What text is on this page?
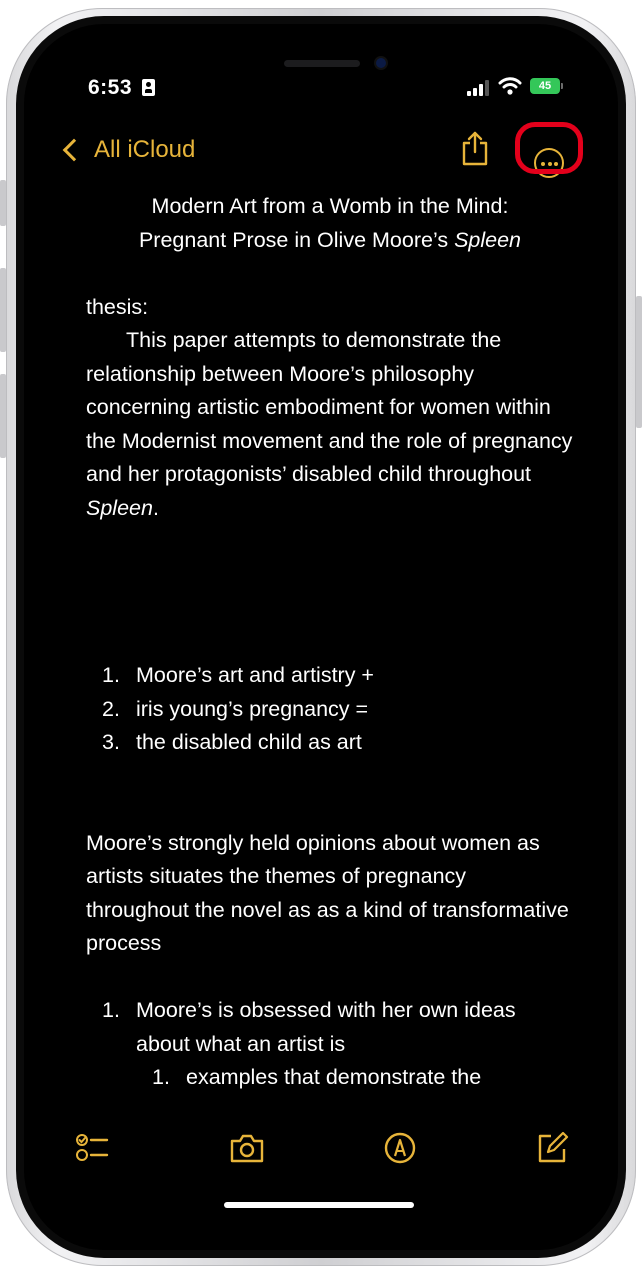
6:53	45
All iCloud

Modern Art from a Womb in the Mind:
Pregnant Prose in Olive Moore’s Spleen

thesis:

This paper attempts to demonstrate the relationship between Moore’s philosophy concerning artistic embodiment for women within the Modernist movement and the role of pregnancy and her protagonists’ disabled child throughout Spleen.

1. Moore’s art and artistry +
2. iris young’s pregnancy =
3. the disabled child as art

Moore’s strongly held opinions about women as artists situates the themes of pregnancy throughout the novel as as a kind of transformative process

1. Moore’s is obsessed with her own ideas about what an artist is
1. examples that demonstrate the
